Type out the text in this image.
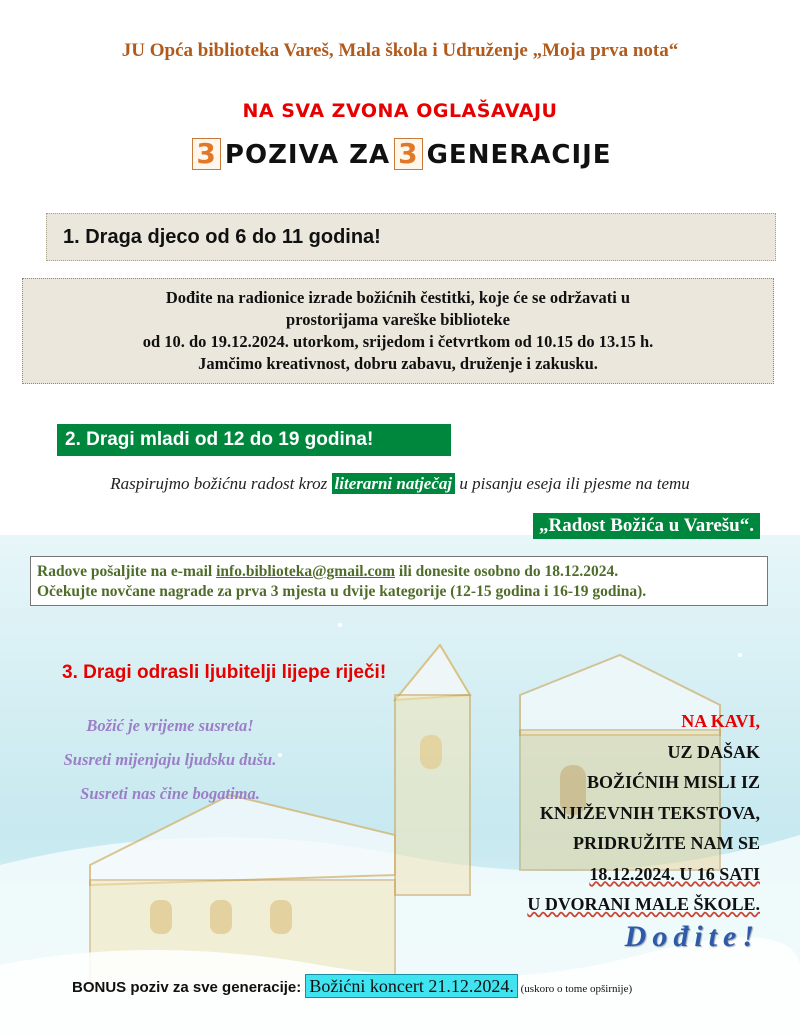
JU Opća biblioteka Vareš, Mala škola i Udruženje „Moja prva nota“
NA SVA ZVONA OGLAŠAVAJU
3 POZIVA ZA 3 GENERACIJE
1. Draga djeco od 6 do 11 godina!
Dođite na radionice izrade božićnih čestitki, koje će se održavati u
prostorijama vareške biblioteke
od 10. do 19.12.2024. utorkom, srijedom i četvrtkom od 10.15 do 13.15 h.
Jamčimo kreativnost, dobru zabavu, druženje i zakusku.
2. Dragi mladi od 12 do 19 godina!
Raspirujmo božićnu radost kroz literarni natječaj u pisanju eseja ili pjesme na temu
„Radost Božića u Varešu“.
Radove pošaljite na e-mail info.biblioteka@gmail.com ili donesite osobno do 18.12.2024.
Očekujte novčane nagrade za prva 3 mjesta u dvije kategorije (12-15 godina i 16-19 godina).
3. Dragi odrasli ljubitelji lijepe riječi!
Božić je vrijeme susreta!
Susreti mijenjaju ljudsku dušu.
Susreti nas čine bogatima.
NA KAVI,
UZ DAŠAK
BOŽIĆNIH MISLI IZ
KNJIŽEVNIH TEKSTOVA,
PRIDRUŽITE NAM SE
18.12.2024. U 16 SATI
U DVORANI MALE ŠKOLE.
Dođite!
BONUS poziv za sve generacije: Božićni koncert 21.12.2024. (uskoro o tome opširnije)
